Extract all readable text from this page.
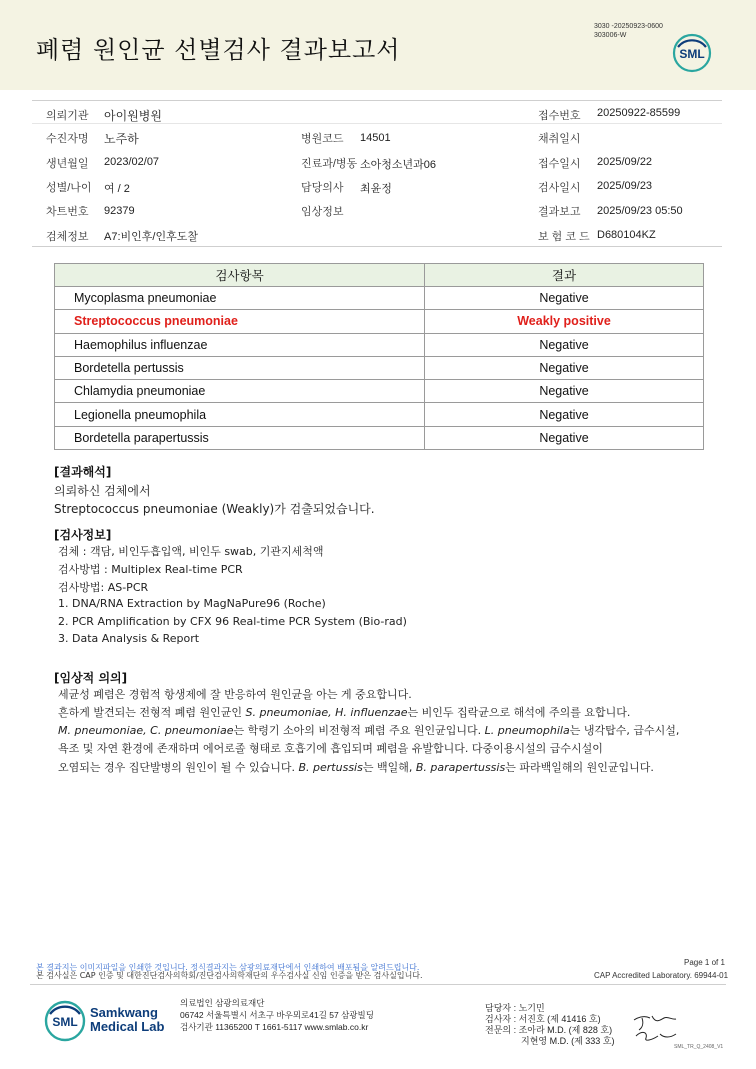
폐렴 원인균 선별검사 결과보고서
3030 -20250923-0600
303006-W
SML
의뢰기관 아이원병원	접수번호 20250922-85599
수진자명 노주하	병원코드 14501	채취일시
생년월일 2023/02/07	진료과/병동 소아청소년과06	접수일시 2025/09/22
성별/나이 여 / 2	담당의사 최윤정	검사일시 2025/09/23
차트번호 92379	임상정보	결과보고 2025/09/23 05:50
검체정보 A7:비인후/인후도찰	보 험 코 드 D680104KZ
검사항목	결과
Mycoplasma pneumoniae	Negative
Streptococcus pneumoniae	Weakly positive
Haemophilus influenzae	Negative
Bordetella pertussis	Negative
Chlamydia pneumoniae	Negative
Legionella pneumophila	Negative
Bordetella parapertussis	Negative
[결과해석]
의뢰하신 검체에서
Streptococcus pneumoniae (Weakly)가 검출되었습니다.
[검사정보]
검체 : 객담, 비인두흡입액, 비인두 swab, 기관지세척액
검사방법 : Multiplex Real-time PCR
검사방법: AS-PCR
1. DNA/RNA Extraction by MagNaPure96 (Roche)
2. PCR Amplification by CFX 96 Real-time PCR System (Bio-rad)
3. Data Analysis & Report
[임상적 의의]
세균성 폐렴은 경험적 항생제에 잘 반응하여 원인균을 아는 게 중요합니다.
흔하게 발견되는 전형적 폐렴 원인균인 S. pneumoniae, H. influenzae는 비인두 집락균으로 해석에 주의를 요합니다.
M. pneumoniae, C. pneumoniae는 학령기 소아의 비전형적 폐렴 주요 원인균입니다. L. pneumophila는 냉각탑수, 급수시설,
욕조 및 자연 환경에 존재하며 에어로졸 형태로 호흡기에 흡입되며 폐렴을 유발합니다. 다중이용시설의 급수시설이
오염되는 경우 집단발병의 원인이 될 수 있습니다. B. pertussis는 백일해, B. parapertussis는 파라백일해의 원인균입니다.
본 결과지는 이미지파일을 인쇄한 것입니다. 정식결과지는 삼광의료재단에서 인쇄하여 배포됨을 알려드립니다.
본 검사실은 CAP 인증 및 대한진단검사의학회/진단검사의학재단의 우수검사실 신임 인증을 받은 검사실입니다.
Page 1 of 1
CAP Accredited Laboratory. 69944-01
SML
Samkwang
Medical Lab
의료법인 삼광의료재단
06742 서울특별시 서초구 바우뫼로41길 57 삼광빌딩
검사기관 11365200 T 1661-5117 www.smlab.co.kr
담당자 : 노기민
검사자 : 서진호 (제 41416 호)
전문의 : 조아라 M.D. (제 828 호)
지현영 M.D. (제 333 호)
SML_TR_Q_2408_V1
